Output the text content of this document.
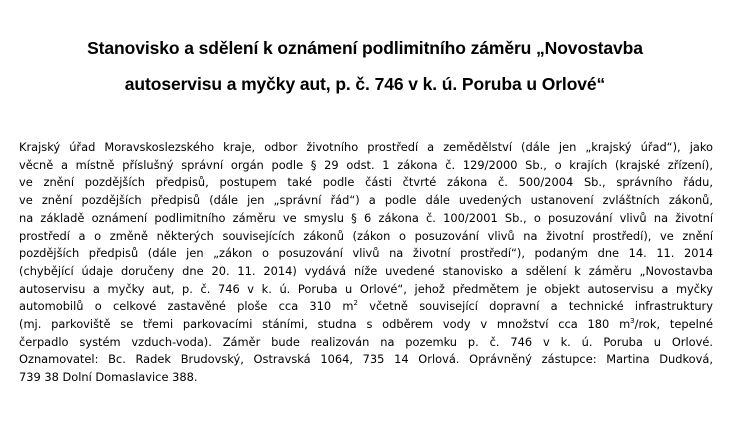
Stanovisko a sdělení k oznámení podlimitního záměru „Novostavba
autoservisu a myčky aut, p. č. 746 v k. ú. Poruba u Orlové“
Krajský úřad Moravskoslezského kraje, odbor životního prostředí a zemědělství (dále jen „krajský úřad“), jako
věcně a místně příslušný správní orgán podle § 29 odst. 1 zákona č. 129/2000 Sb., o krajích (krajské zřízení),
ve znění pozdějších předpisů, postupem také podle části čtvrté zákona č. 500/2004 Sb., správního řádu,
ve znění pozdějších předpisů (dále jen „správní řád“) a podle dále uvedených ustanovení zvláštních zákonů,
na základě oznámení podlimitního záměru ve smyslu § 6 zákona č. 100/2001 Sb., o posuzování vlivů na životní
prostředí a o změně některých souvisejících zákonů (zákon o posuzování vlivů na životní prostředí), ve znění
pozdějších předpisů (dále jen „zákon o posuzování vlivů na životní prostředí“), podaným dne 14. 11. 2014
(chybějící údaje doručeny dne 20. 11. 2014) vydává níže uvedené stanovisko a sdělení k záměru „Novostavba
autoservisu a myčky aut, p. č. 746 v k. ú. Poruba u Orlové“, jehož předmětem je objekt autoservisu a myčky
automobilů o celkové zastavěné ploše cca 310 $m^2$ včetně související dopravní a technické infrastruktury
(mj. parkoviště se třemi parkovacími stáními, studna s odběrem vody v množství cca 180 $m^3$/rok, tepelné
čerpadlo systém vzduch-voda). Záměr bude realizován na pozemku p. č. 746 v k. ú. Poruba u Orlové.
Oznamovatel: Bc. Radek Brudovský, Ostravská 1064, 735 14 Orlová. Oprávněný zástupce: Martina Dudková,
739 38 Dolní Domaslavice 388.
